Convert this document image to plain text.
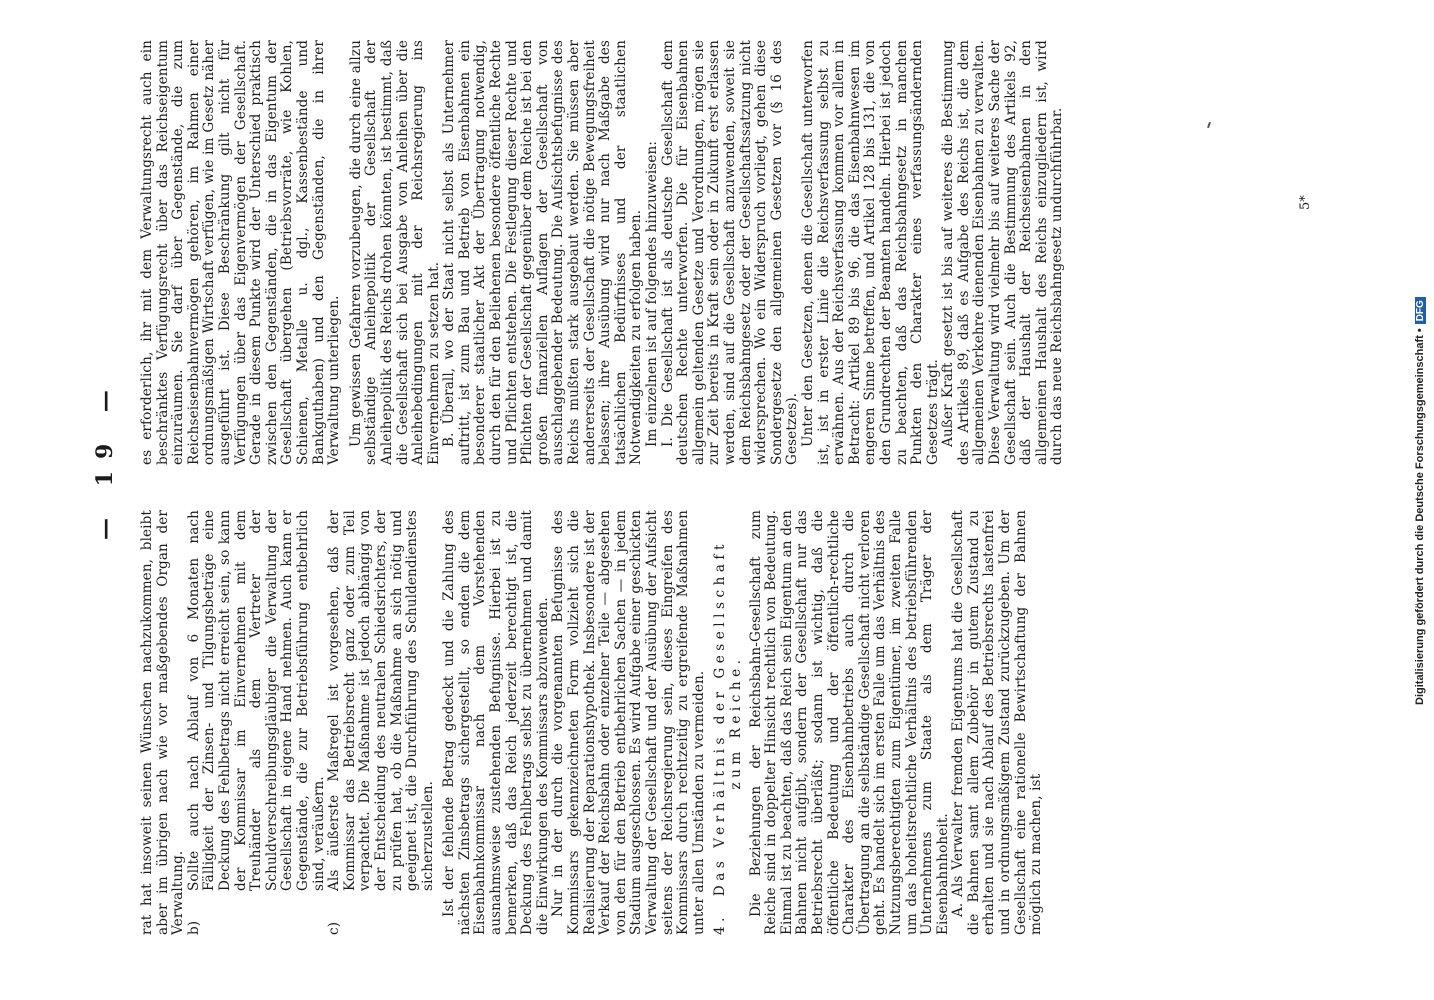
— 19 —

rat hat insoweit seinen Wünschen nachzukommen, bleibt aber im übrigen nach wie vor maßgebendes Organ der Verwaltung. b)
Sollte auch nach Ablauf von 6 Monaten nach Fälligkeit der Zinsen- und Tilgungsbeträge eine Deckung des Fehlbetrags nicht erreicht sein, so kann der Kommissar im Einvernehmen mit dem Treuhänder als dem Vertreter der Schuldverschreibungsgläubiger die Verwaltung der Gesellschaft in eigene Hand nehmen. Auch kann er Gegenstände, die zur Betriebsführung entbehrlich sind, veräußern.
c)
Als äußerste Maßregel ist vorgesehen, daß der Kommissar das Betriebsrecht ganz oder zum Teil verpachtet. Die Maßnahme ist jedoch abhängig von der Entscheidung des neutralen Schiedsrichters, der zu prüfen hat, ob die Maßnahme an sich nötig und geeignet ist, die Durchführung des Schuldendienstes sicherzustellen. Ist der fehlende Betrag gedeckt und die Zahlung des nächsten Zinsbetrags sichergestellt, so enden die dem Eisenbahnkommissar nach dem Vorstehenden ausnahmsweise zustehenden Befugnisse. Hierbei ist zu bemerken, daß das Reich jederzeit berechtigt ist, die Deckung des Fehlbetrags selbst zu übernehmen und damit die Einwirkungen des Kommissars abzuwenden. Nur in der durch die vorgenannten Befugnisse des Kommissars gekennzeichneten Form vollzieht sich die Realisierung der Reparationshypothek. Insbesondere ist der Verkauf der Reichsbahn oder einzelner Teile — abgesehen von den für den Betrieb entbehrlichen Sachen — in jedem Stadium ausgeschlossen. Es wird Aufgabe einer geschickten Verwaltung der Gesellschaft und der Ausübung der Aufsicht seitens der Reichsregierung sein, dieses Eingreifen des Kommissars durch rechtzeitig zu ergreifende Maßnahmen unter allen Umständen zu vermeiden. 4. Das Verhältnis der Gesellschaft zum Reiche. Die Beziehungen der Reichsbahn-Gesellschaft zum Reiche sind in doppelter Hinsicht rechtlich von Bedeutung. Einmal ist zu beachten, daß das Reich sein Eigentum an den Bahnen nicht aufgibt, sondern der Gesellschaft nur das Betriebsrecht überläßt; sodann ist wichtig, daß die öffentliche Bedeutung und der öffentlich-rechtliche Charakter des Eisenbahnbetriebs auch durch die Übertragung an die selbständige Gesellschaft nicht verloren geht. Es handelt sich im ersten Falle um das Verhältnis des Nutzungsberechtigten zum Eigentümer, im zweiten Falle um das hoheitsrechtliche Verhältnis des betriebsführenden Unternehmens zum Staate als dem Träger der Eisenbahnhoheit. A. Als Verwalter fremden Eigentums hat die Gesellschaft die Bahnen samt allem Zubehör in gutem Zustand zu erhalten und sie nach Ablauf des Betriebsrechts lastenfrei und in ordnungsmäßigem Zustand zurückzugeben. Um der Gesellschaft eine rationelle Bewirtschaftung der Bahnen möglich zu machen, ist

es erforderlich, ihr mit dem Verwaltungsrecht auch ein beschränktes Verfügungsrecht über das Reichseigentum einzuräumen. Sie darf über Gegenstände, die zum Reichseisenbahnvermögen gehören, im Rahmen einer ordnungsmäßigen Wirtschaft verfügen, wie im Gesetz näher ausgeführt ist. Diese Beschränkung gilt nicht für Verfügungen über das Eigenvermögen der Gesellschaft. Gerade in diesem Punkte wird der Unterschied praktisch zwischen den Gegenständen, die in das Eigentum der Gesellschaft übergehen (Betriebsvorräte, wie Kohlen, Schienen, Metalle u. dgl., Kassenbestände und Bankguthaben) und den Gegenständen, die in ihrer Verwaltung unterliegen. Um gewissen Gefahren vorzubeugen, die durch eine allzu selbständige Anleihepolitik der Gesellschaft der Anleihepolitik des Reichs drohen könnten, ist bestimmt, daß die Gesellschaft sich bei Ausgabe von Anleihen über die Anleihebedingungen mit der Reichsregierung ins Einvernehmen zu setzen hat. B. Überall, wo der Staat nicht selbst als Unternehmer auftritt, ist zum Bau und Betrieb von Eisenbahnen ein besonderer staatlicher Akt der Übertragung notwendig, durch den für den Beliehenen besondere öffentliche Rechte und Pflichten entstehen. Die Festlegung dieser Rechte und Pflichten der Gesellschaft gegenüber dem Reiche ist bei den großen finanziellen Auflagen der Gesellschaft von ausschlaggebender Bedeutung. Die Aufsichtsbefugnisse des Reichs mußten stark ausgebaut werden. Sie müssen aber andererseits der Gesellschaft die nötige Bewegungsfreiheit belassen; ihre Ausübung wird nur nach Maßgabe des tatsächlichen Bedürfnisses und der staatlichen Notwendigkeiten zu erfolgen haben. Im einzelnen ist auf folgendes hinzuweisen: I. Die Gesellschaft ist als deutsche Gesellschaft dem deutschen Rechte unterworfen. Die für Eisenbahnen allgemein geltenden Gesetze und Verordnungen, mögen sie zur Zeit bereits in Kraft sein oder in Zukunft erst erlassen werden, sind auf die Gesellschaft anzuwenden, soweit sie dem Reichsbahngesetz oder der Gesellschaftssatzung nicht widersprechen. Wo ein Widerspruch vorliegt, gehen diese Sondergesetze den allgemeinen Gesetzen vor (§ 16 des Gesetzes). Unter den Gesetzen, denen die Gesellschaft unterworfen ist, ist in erster Linie die Reichsverfassung selbst zu erwähnen. Aus der Reichsverfassung kommen vor allem in Betracht: Artikel 89 bis 96, die das Eisenbahnwesen im engeren Sinne betreffen, und Artikel 128 bis 131, die von den Grundrechten der Beamten handeln. Hierbei ist jedoch zu beachten, daß das Reichsbahngesetz in manchen Punkten den Charakter eines verfassungsändernden Gesetzes trägt. Außer Kraft gesetzt ist bis auf weiteres die Bestimmung des Artikels 89, daß es Aufgabe des Reichs ist, die dem allgemeinen Verkehre dienenden Eisenbahnen zu verwalten. Diese Verwaltung wird vielmehr bis auf weiteres Sache der Gesellschaft sein. Auch die Bestimmung des Artikels 92, daß der Haushalt der Reichseisenbahnen in den allgemeinen Haushalt des Reichs einzugliedern ist, wird durch das neue Reichsbahngesetz undurchführbar.	5*
Digitalisierung gefördert durch die Deutsche Forschungsgemeinschaft •DFG
